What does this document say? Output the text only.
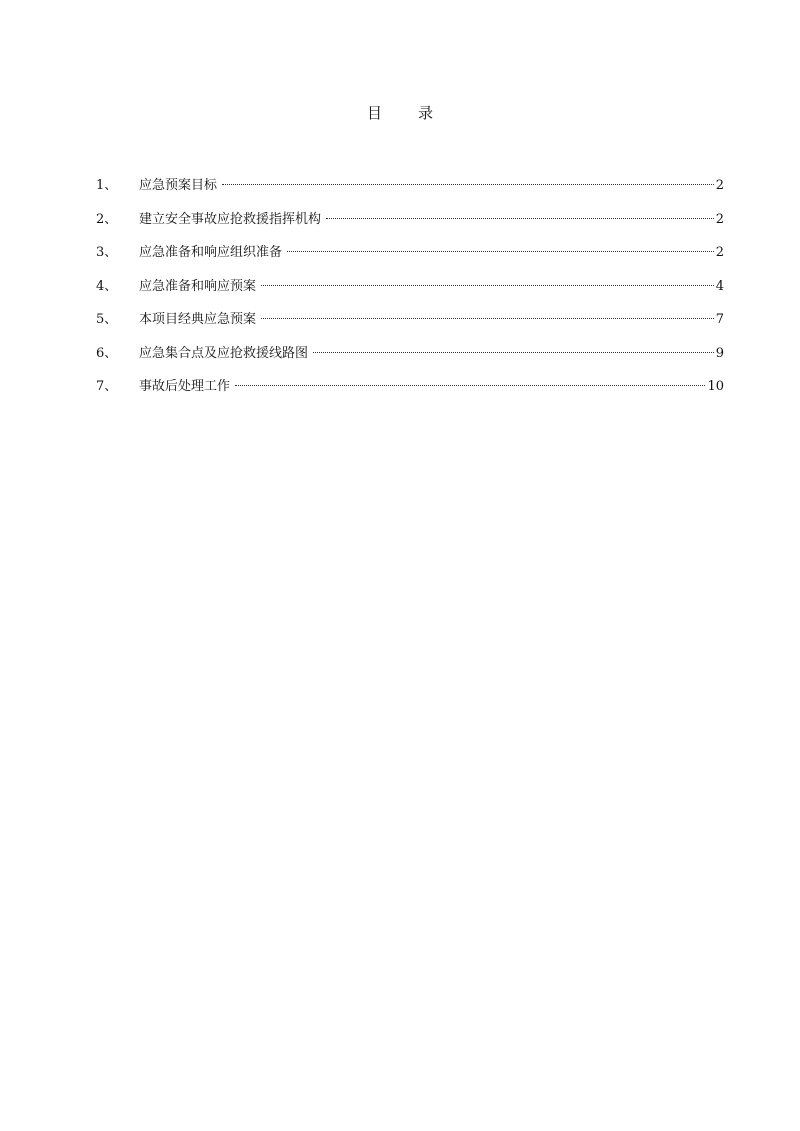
目 录
1、	应急预案目标	2
2、	建立安全事故应抢救援指挥机构	2
3、	应急准备和响应组织准备	2
4、	应急准备和响应预案	4
5、	本项目经典应急预案	7
6、	应急集合点及应抢救援线路图	9
7、	事故后处理工作	10
